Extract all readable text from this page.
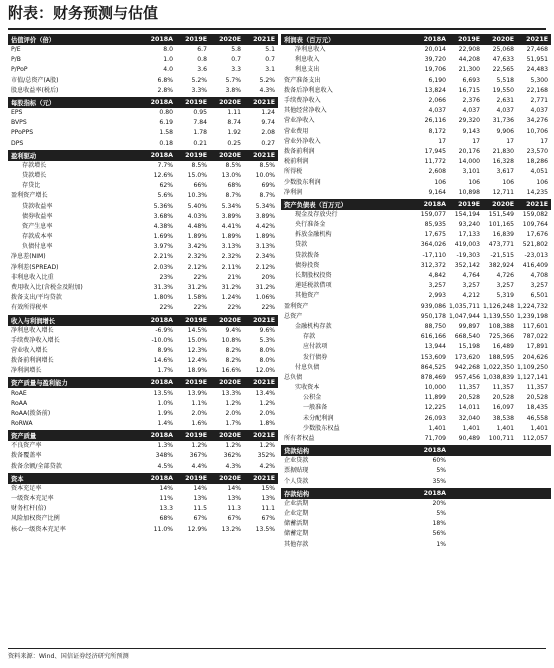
附表：财务预测与估值
估值评价（倍）	2018A	2019E	2020E	2021E
P/E	8.0	6.7	5.8	5.1
P/B	1.0	0.8	0.7	0.7
P/PoP	4.0	3.6	3.3	3.1
市值/总资产(A股)	6.8%	5.2%	5.7%	5.2%
股息收益率(税后)	2.8%	3.3%	3.8%	4.3%
每股指标（元）	2018A	2019E	2020E	2021E
EPS	0.80	0.95	1.11	1.24
BVPS	6.19	7.84	8.74	9.74
PPoPPS	1.58	1.78	1.92	2.08
DPS	0.18	0.21	0.25	0.27
盈利驱动	2018A	2019E	2020E	2021E
存款增长	7.7%	8.5%	8.5%	8.5%
贷款增长	12.6%	15.0%	13.0%	10.0%
存贷比	62%	66%	68%	69%
盈利资产增长	5.6%	10.3%	8.7%	8.7%
贷款收益率	5.36%	5.40%	5.34%	5.34%
债券收益率	3.68%	4.03%	3.89%	3.89%
资产生息率	4.38%	4.48%	4.41%	4.42%
存款成本率	1.69%	1.89%	1.89%	1.89%
负债付息率	3.97%	3.42%	3.13%	3.13%
净息差(NIM)	2.21%	2.32%	2.32%	2.34%
净利差(SPREAD)	2.03%	2.12%	2.11%	2.12%
非利息收入比重	23%	22%	21%	20%
费用收入比(含税金及附加)	31.3%	31.2%	31.2%	31.2%
拨备支出/平均贷款	1.80%	1.58%	1.24%	1.06%
有效所得税率	22%	22%	22%	22%
收入与利润增长	2018A	2019E	2020E	2021E
净利息收入增长	-6.9%	14.5%	9.4%	9.6%
手续费净收入增长	-10.0%	15.0%	10.8%	5.3%
营业收入增长	8.9%	12.3%	8.2%	8.0%
拨备前利润增长	14.6%	12.4%	8.2%	8.0%
净利润增长	1.7%	18.9%	16.6%	12.0%
资产质量与盈利能力	2018A	2019E	2020E	2021E
RoAE	13.5%	13.9%	13.3%	13.4%
RoAA	1.0%	1.1%	1.2%	1.2%
RoAA(拨备前)	1.9%	2.0%	2.0%	2.0%
RoRWA	1.4%	1.6%	1.7%	1.8%
资产质量	2018A	2019E	2020E	2021E
不良资产率	1.3%	1.2%	1.2%	1.2%
拨备覆盖率	348%	367%	362%	352%
拨备余额/全部贷款	4.5%	4.4%	4.3%	4.2%
资本	2018A	2019E	2020E	2021E
资本充足率	14%	14%	14%	15%
一级资本充足率	11%	13%	13%	13%
财务杠杆(倍)	13.3	11.5	11.3	11.1
风险加权资产比例	68%	67%	67%	67%
核心一级资本充足率	11.0%	12.9%	13.2%	13.5%
利润表（百万元）	2018A	2019E	2020E	2021E
净利息收入	20,014	22,908	25,068	27,468
利息收入	39,720	44,208	47,633	51,951
利息支出	19,706	21,300	22,565	24,483
资产准备支出	6,190	6,693	5,518	5,300
拨备后净利息收入	13,824	16,715	19,550	22,168
手续费净收入	2,066	2,376	2,631	2,771
其他经营净收入	4,037	4,037	4,037	4,037
营业净收入	26,116	29,320	31,736	34,276
营业费用	8,172	9,143	9,906	10,706
营业外净收入	17	17	17	17
拨备前利润	17,945	20,176	21,830	23,570
税前利润	11,772	14,000	16,328	18,286
所得税	2,608	3,101	3,617	4,051
少数股东利润	106	106	106	106
净利润	9,164	10,898	12,711	14,235
资产负债表（百万元）	2018A	2019E	2020E	2021E
现金及存放央行	159,077	154,194	151,549	159,082
央行准备金	85,935	93,240	101,165	109,764
拆放金融机构	17,675	17,133	16,839	17,676
贷款	364,026	419,003	473,771	521,802
贷款拨备	-17,110	-19,303	-21,515	-23,013
债券投资	312,372	352,142	382,924	416,409
长期股权投资	4,842	4,764	4,726	4,708
递延税款借项	3,257	3,257	3,257	3,257
其他资产	2,993	4,212	5,319	6,501
盈利资产	939,086 1,035,711 1,126,248 1,224,732
总资产	950,178 1,047,944 1,139,550 1,239,198
金融机构存款	88,750	99,897	108,388	117,601
存款	616,166	668,540	725,366	787,022
应付款项	13,944	15,198	16,489	17,891
发行债券	153,609	173,620	188,595	204,626
付息负债	864,525	942,268 1,022,350 1,109,250
总负债	878,469	957,456 1,038,839 1,127,141
实收资本	10,000	11,357	11,357	11,357
公积金	11,899	20,528	20,528	20,528
一般准备	12,225	14,011	16,097	18,435
未分配利润	26,093	32,040	38,538	46,558
少数股东权益	1,401	1,401	1,401	1,401
所有者权益	71,709	90,489	100,711	112,057
贷款结构	2018A
企业贷款	60%
票据贴现	5%
个人贷款	35%
存款结构	2018A
企业活期	20%
企业定期	5%
储蓄活期	18%
储蓄定期	56%
其他存款	1%
资料来源：Wind、国信证券经济研究所预测
